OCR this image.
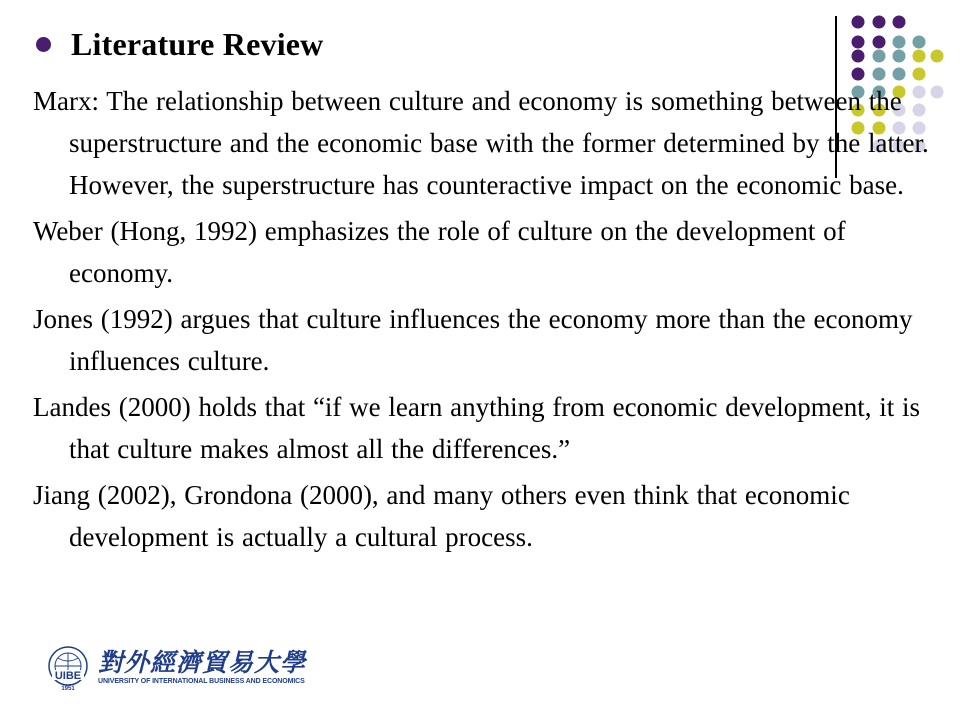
Literature Review
Marx: The relationship between culture and economy is something between the superstructure and the economic base with the former determined by the latter. However, the superstructure has counteractive impact on the economic base.
Weber (Hong, 1992) emphasizes the role of culture on the development of economy.
Jones (1992) argues that culture influences the economy more than the economy influences culture.
Landes (2000) holds that “if we learn anything from economic development, it is that culture makes almost all the differences.”
Jiang (2002), Grondona (2000), and many others even think that economic development is actually a cultural process.
UIBE
1951
對外經濟貿易大學
UNIVERSITY OF INTERNATIONAL BUSINESS AND ECONOMICS
